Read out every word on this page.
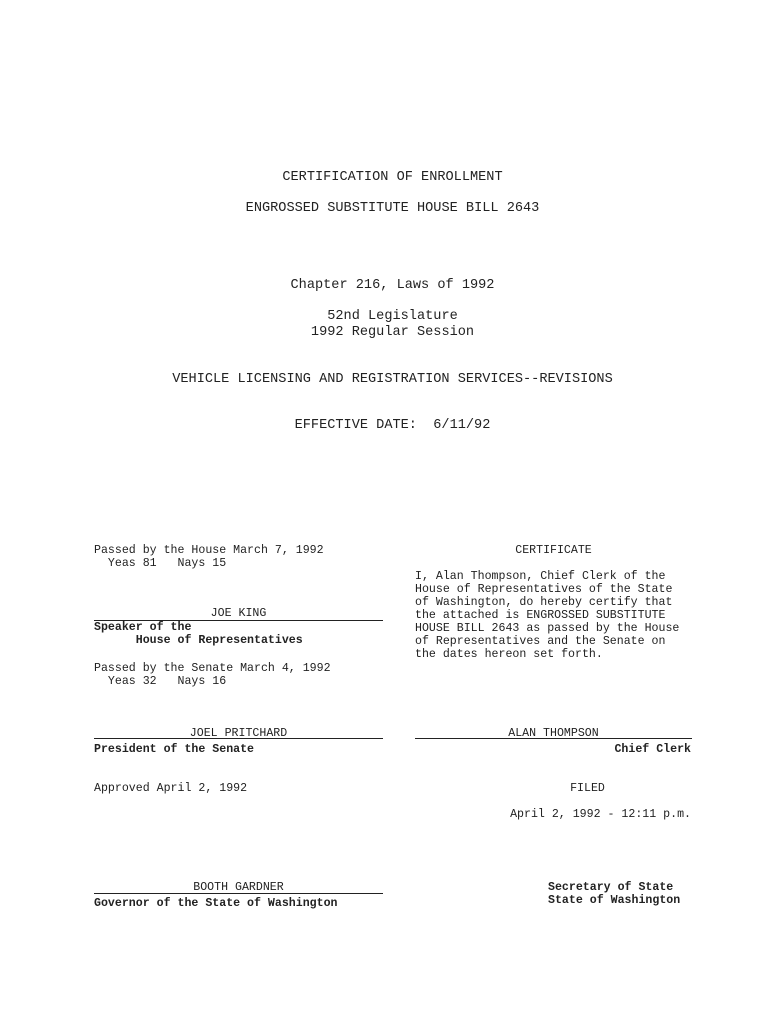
CERTIFICATION OF ENROLLMENT
ENGROSSED SUBSTITUTE HOUSE BILL 2643
Chapter 216, Laws of 1992
52nd Legislature
1992 Regular Session
VEHICLE LICENSING AND REGISTRATION SERVICES--REVISIONS
EFFECTIVE DATE:  6/11/92
Passed by the House March 7, 1992
Yeas 81   Nays 15
JOE KING
Speaker of the
House of Representatives
Passed by the Senate March 4, 1992
Yeas 32   Nays 16
JOEL PRITCHARD
President of the Senate
Approved April 2, 1992
BOOTH GARDNER
Governor of the State of Washington
CERTIFICATE
I, Alan Thompson, Chief Clerk of the
House of Representatives of the State
of Washington, do hereby certify that
the attached is ENGROSSED SUBSTITUTE
HOUSE BILL 2643 as passed by the House
of Representatives and the Senate on
the dates hereon set forth.
ALAN THOMPSON
Chief Clerk
FILED
April 2, 1992 - 12:11 p.m.
Secretary of State
State of Washington
